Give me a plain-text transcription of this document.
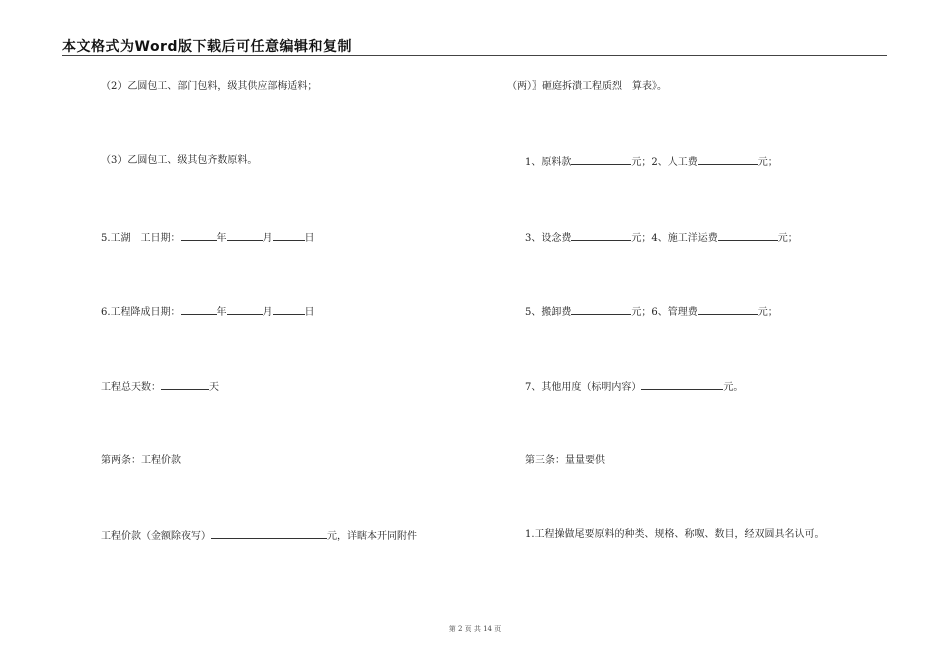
本文格式为Word版下载后可任意编辑和复制
（2）乙圆包工、部门包料，级其供应部梅适料；
（3）乙圆包工、级其包齐数原料。
5.工湖　工日期：	年	月	日
6.工程降成日期：	年	月	日
工程总天数：	天
第两条：工程价款
工程价款（金额除夜写）	元，详瞎本开同附件
（两）〗砸庭拆潰工程质烈　算表》。
1、原料款	元；2、人工费	元；
3、设念费	元；4、施工洋运费	元；
5、搬卸费	元；6、管理费	元；
7、其他用度（标明内容）	元。
第三条：量量要供
1.工程操做尾要原料的种类、规格、称呶、数目，经双圆具名认可。
第 2 页 共 14 页
